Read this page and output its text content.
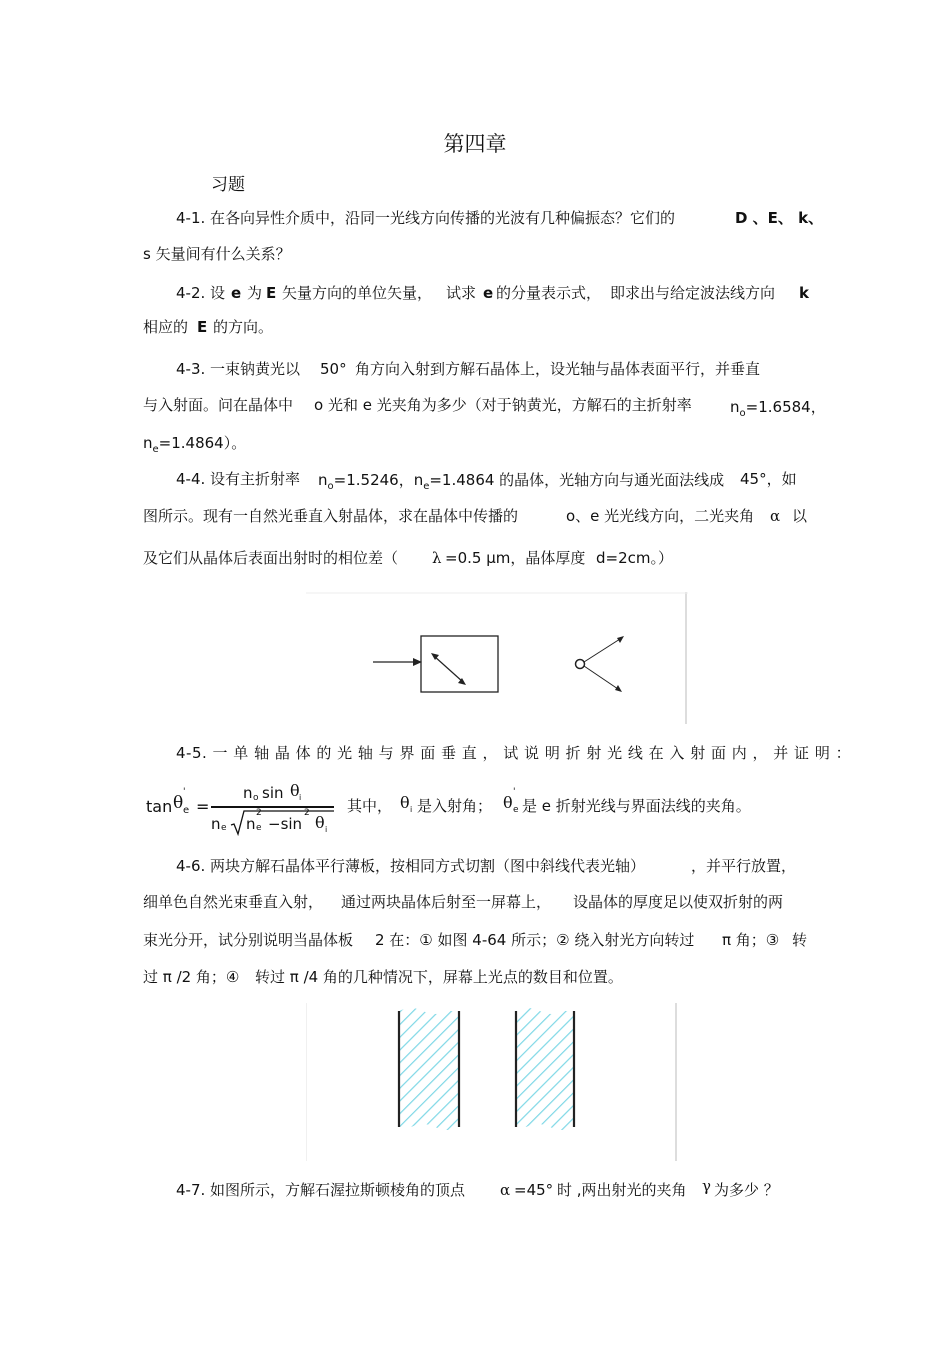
第四章
习题
4-1. 在各向异性介质中，沿同一光线方向传播的光波有几种偏振态？它们的	D 、E、 k、
s 矢量间有什么关系？
4-2. 设 e 为 E 矢量方向的单位矢量， 试求 e 的分量表示式， 即求出与给定波法线方向 k
相应的 E 的方向。
4-3. 一束钠黄光以 50° 角方向入射到方解石晶体上，设光轴与晶体表面平行，并垂直
与入射面。问在晶体中 o 光和 e 光夹角为多少（对于钠黄光，方解石的主折射率	$n_o=1.6584$，
$n_e=1.4864$）。
4-4. 设有主折射率 $n_o=1.5246$，$n_e=1.4864$ 的晶体，光轴方向与通光面法线成 45°，如
图所示。现有一自然光垂直入射晶体，求在晶体中传播的	o、e 光光线方向，二光夹角 α 以
及它们从晶体后表面出射时的相位差（ λ =0.5 μm，晶体厚度 d=2cm。）
4-5. 一 单 轴 晶 体 的 光 轴 与 界 面 垂 直 ， 试 说 明 折 射 光 线 在 入 射 面 内 ， 并 证 明 ：
tan θ
'
e =
n o sin θ i
n e n e
2
−sin
2 θ i
其中， θ i 是入射角； θ
'
e 是 e 折射光线与界面法线的夹角。
4-6. 两块方解石晶体平行薄板，按相同方式切割（图中斜线代表光轴）	，并平行放置，
细单色自然光束垂直入射， 通过两块晶体后射至一屏幕上， 设晶体的厚度足以使双折射的两
束光分开，试分别说明当晶体板 2 在：① 如图 4-64 所示；② 绕入射光方向转过 π 角；③ 转
过 π /2 角；④ 转过 π /4 角的几种情况下，屏幕上光点的数目和位置。
4-7. 如图所示，方解石渥拉斯顿棱角的顶点 α =45° 时 ,两出射光的夹角 γ 为多少 ？
